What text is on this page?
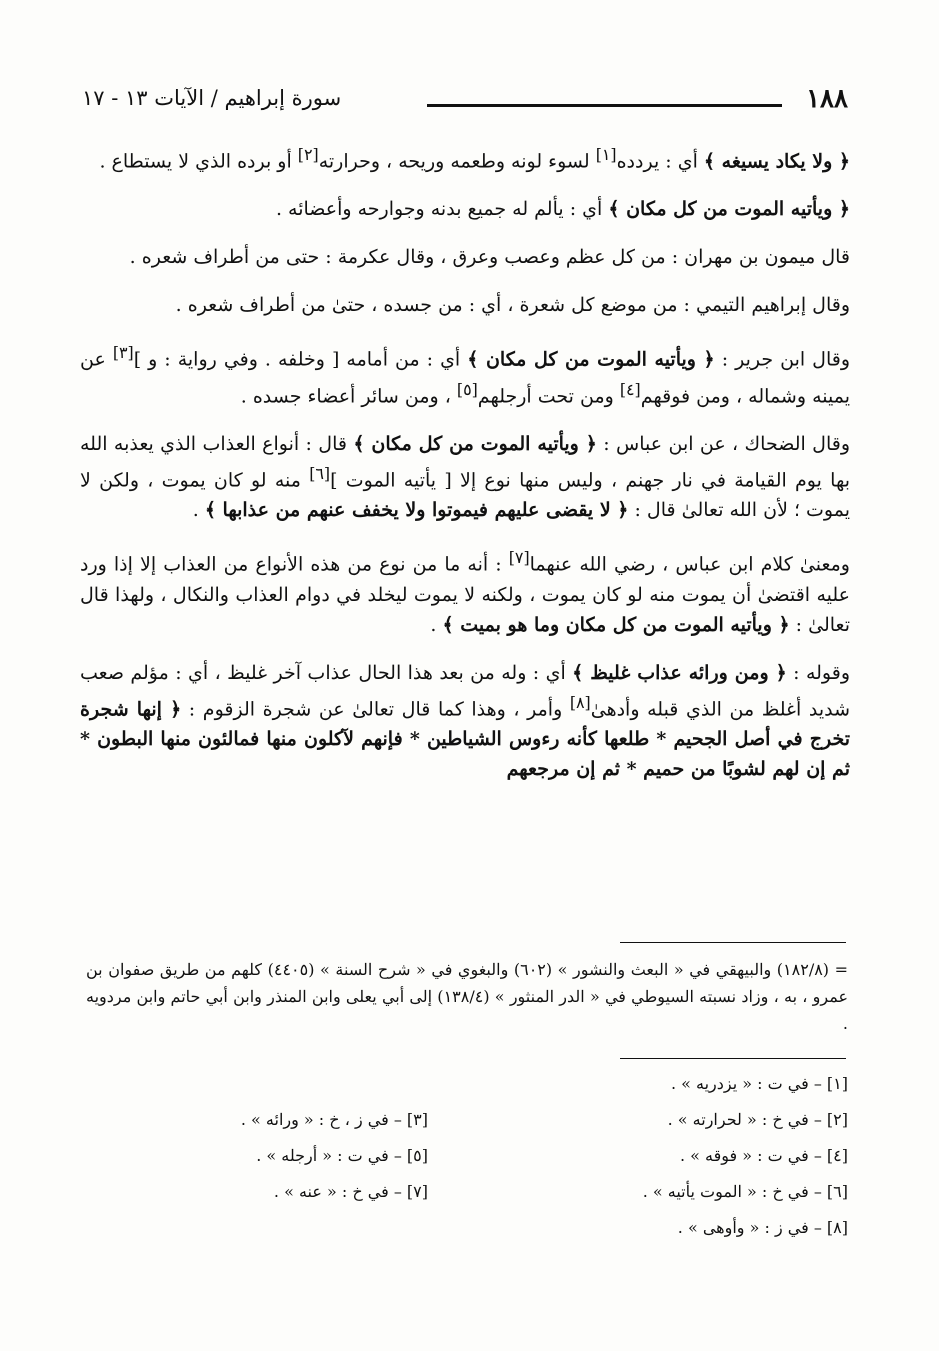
١٨٨
سورة إبراهيم / الآيات ١٣ - ١٧

﴿ ولا يكاد يسيغه ﴾ أي : يردده[١] لسوء لونه وطعمه وريحه ، وحرارته[٢] أو برده الذي لا يستطاع .

﴿ ويأتيه الموت من كل مكان ﴾ أي : يألم له جميع بدنه وجوارحه وأعضائه .

قال ميمون بن مهران : من كل عظم وعصب وعرق ، وقال عكرمة : حتى من أطراف شعره .

وقال إبراهيم التيمي : من موضع كل شعرة ، أي : من جسده ، حتىٰ من أطراف شعره .

وقال ابن جرير : ﴿ ويأتيه الموت من كل مكان ﴾ أي : من أمامه [ وخلفه . وفي رواية : و ][٣] عن يمينه وشماله ، ومن فوقهم[٤] ومن تحت أرجلهم[٥] ، ومن سائر أعضاء جسده .

وقال الضحاك ، عن ابن عباس : ﴿ ويأتيه الموت من كل مكان ﴾ قال : أنواع العذاب الذي يعذبه الله بها يوم القيامة في نار جهنم ، وليس منها نوع إلا [ يأتيه الموت ][٦] منه لو كان يموت ، ولكن لا يموت ؛ لأن الله تعالىٰ قال : ﴿ لا يقضى عليهم فيموتوا ولا يخفف عنهم من عذابها ﴾ .

ومعنىٰ كلام ابن عباس ، رضي الله عنهما[٧] : أنه ما من نوع من هذه الأنواع من العذاب إلا إذا ورد عليه اقتضىٰ أن يموت منه لو كان يموت ، ولكنه لا يموت ليخلد في دوام العذاب والنكال ، ولهذا قال تعالىٰ : ﴿ ويأتيه الموت من كل مكان وما هو بميت ﴾ .

وقوله : ﴿ ومن ورائه عذاب غليظ ﴾ أي : وله من بعد هذا الحال عذاب آخر غليظ ، أي : مؤلم صعب شديد أغلظ من الذي قبله وأدهىٰ[٨] وأمر ، وهذا كما قال تعالىٰ عن شجرة الزقوم : ﴿ إنها شجرة تخرج في أصل الجحيم * طلعها كأنه رءوس الشياطين * فإنهم لآكلون منها فمالئون منها البطون * ثم إن لهم لشوبًا من حميم * ثم إن مرجعهم

= (١٨٢/٨) والبيهقي في « البعث والنشور » (٦٠٢) والبغوي في « شرح السنة » (٤٤٠٥) كلهم من طريق صفوان بن عمرو ، به ، وزاد نسبته السيوطي في « الدر المنثور » (١٣٨/٤) إلى أبي يعلى وابن المنذر وابن أبي حاتم وابن مردويه .
[١] – في ت : « يزدريه » .
[٢] – في خ : « لحرارته » .
[٣] – في ز ، خ : « ورائه » .
[٤] – في ت : « فوقه » .
[٥] – في ت : « أرجله » .
[٦] – في خ : « الموت يأتيه » .
[٧] – في خ : « عنه » .
[٨] – في ز : « وأوهى » .
